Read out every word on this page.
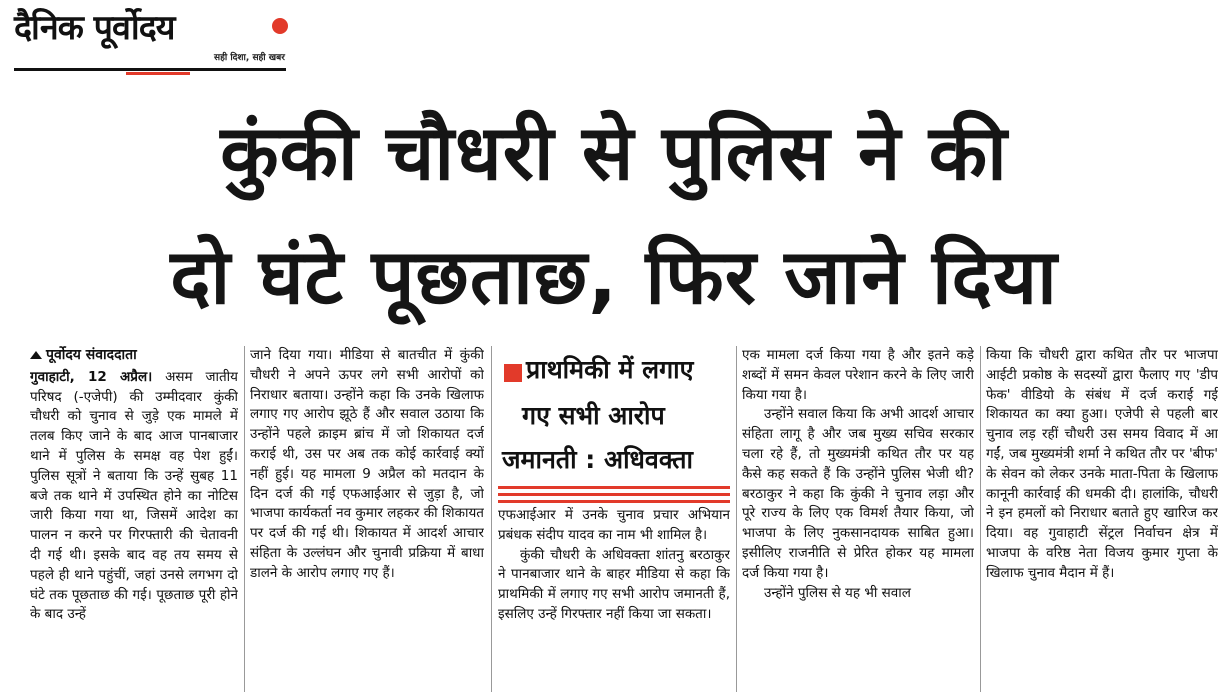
दैनिक पूर्वोदय
सही दिशा, सही खबर
कुंकी चौधरी से पुलिस ने की
दो घंटे पूछताछ, फिर जाने दिया
पूर्वोदय संवाददाता
गुवाहाटी, 12 अप्रैल। असम जातीय परिषद (-एजेपी) की उम्मीदवार कुंकी चौधरी को चुनाव से जुड़े एक मामले में तलब किए जाने के बाद आज पानबाजार थाने में पुलिस के समक्ष वह पेश हुईं। पुलिस सूत्रों ने बताया कि उन्हें सुबह 11 बजे तक थाने में उपस्थित होने का नोटिस जारी किया गया था, जिसमें आदेश का पालन न करने पर गिरफ्तारी की चेतावनी दी गई थी। इसके बाद वह तय समय से पहले ही थाने पहुंचीं, जहां उनसे लगभग दो घंटे तक पूछताछ की गई। पूछताछ पूरी होने के बाद उन्हें
जाने दिया गया। मीडिया से बातचीत में कुंकी चौधरी ने अपने ऊपर लगे सभी आरोपों को निराधार बताया। उन्होंने कहा कि उनके खिलाफ लगाए गए आरोप झूठे हैं और सवाल उठाया कि उन्होंने पहले क्राइम ब्रांच में जो शिकायत दर्ज कराई थी, उस पर अब तक कोई कार्रवाई क्यों नहीं हुई। यह मामला 9 अप्रैल को मतदान के दिन दर्ज की गई एफआईआर से जुड़ा है, जो भाजपा कार्यकर्ता नव कुमार लहकर की शिकायत पर दर्ज की गई थी। शिकायत में आदर्श आचार संहिता के उल्लंघन और चुनावी प्रक्रिया में बाधा डालने के आरोप लगाए गए हैं।
प्राथमिकी में लगाए
गए सभी आरोप
जमानती : अधिवक्ता
एफआईआर में उनके चुनाव प्रचार अभियान प्रबंधक संदीप यादव का नाम भी शामिल है।
कुंकी चौधरी के अधिवक्ता शांतनु बरठाकुर ने पानबाजार थाने के बाहर मीडिया से कहा कि प्राथमिकी में लगाए गए सभी आरोप जमानती हैं, इसलिए उन्हें गिरफ्तार नहीं किया जा सकता।
एक मामला दर्ज किया गया है और इतने कड़े शब्दों में समन केवल परेशान करने के लिए जारी किया गया है।
उन्होंने सवाल किया कि अभी आदर्श आचार संहिता लागू है और जब मुख्य सचिव सरकार चला रहे हैं, तो मुख्यमंत्री कथित तौर पर यह कैसे कह सकते हैं कि उन्होंने पुलिस भेजी थी? बरठाकुर ने कहा कि कुंकी ने चुनाव लड़ा और पूरे राज्य के लिए एक विमर्श तैयार किया, जो भाजपा के लिए नुकसानदायक साबित हुआ। इसीलिए राजनीति से प्रेरित होकर यह मामला दर्ज किया गया है।
उन्होंने पुलिस से यह भी सवाल
किया कि चौधरी द्वारा कथित तौर पर भाजपा आईटी प्रकोष्ठ के सदस्यों द्वारा फैलाए गए 'डीप फेक' वीडियो के संबंध में दर्ज कराई गई शिकायत का क्या हुआ। एजेपी से पहली बार चुनाव लड़ रहीं चौधरी उस समय विवाद में आ गईं, जब मुख्यमंत्री शर्मा ने कथित तौर पर 'बीफ' के सेवन को लेकर उनके माता-पिता के खिलाफ कानूनी कार्रवाई की धमकी दी। हालांकि, चौधरी ने इन हमलों को निराधार बताते हुए खारिज कर दिया। वह गुवाहाटी सेंट्रल निर्वाचन क्षेत्र में भाजपा के वरिष्ठ नेता विजय कुमार गुप्ता के खिलाफ चुनाव मैदान में हैं।
